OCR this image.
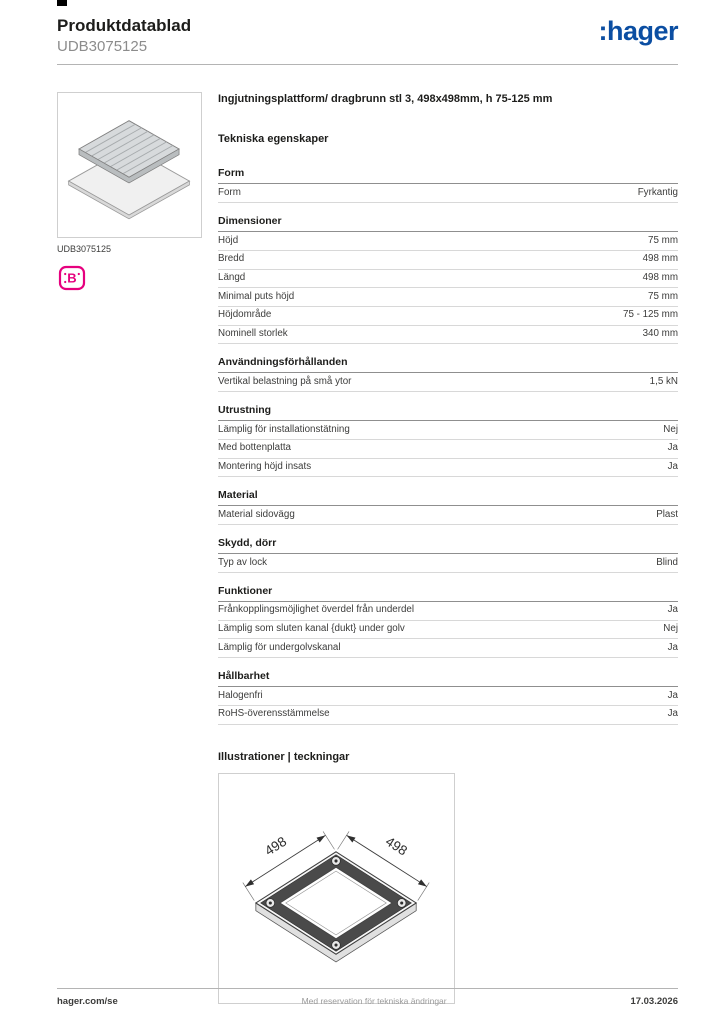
Produktdatablad
UDB3075125
:hager
UDB3075125
B
Ingjutningsplattform/ dragbrunn stl 3, 498x498mm, h 75-125 mm
Tekniska egenskaper
Form
Form	Fyrkantig
Dimensioner
Höjd	75 mm
Bredd	498 mm
Längd	498 mm
Minimal puts höjd	75 mm
Höjdområde	75 - 125 mm
Nominell storlek	340 mm
Användningsförhållanden
Vertikal belastning på små ytor	1,5 kN
Utrustning
Lämplig för installationstätning	Nej
Med bottenplatta	Ja
Montering höjd insats	Ja
Material
Material sidovägg	Plast
Skydd, dörr
Typ av lock	Blind
Funktioner
Frånkopplingsmöjlighet överdel från underdel	Ja
Lämplig som sluten kanal {dukt} under golv	Nej
Lämplig för undergolvskanal	Ja
Hållbarhet
Halogenfri	Ja
RoHS-överensstämmelse	Ja
Illustrationer | teckningar
498	498
hager.com/se	Med reservation för tekniska ändringar	17.03.2026
